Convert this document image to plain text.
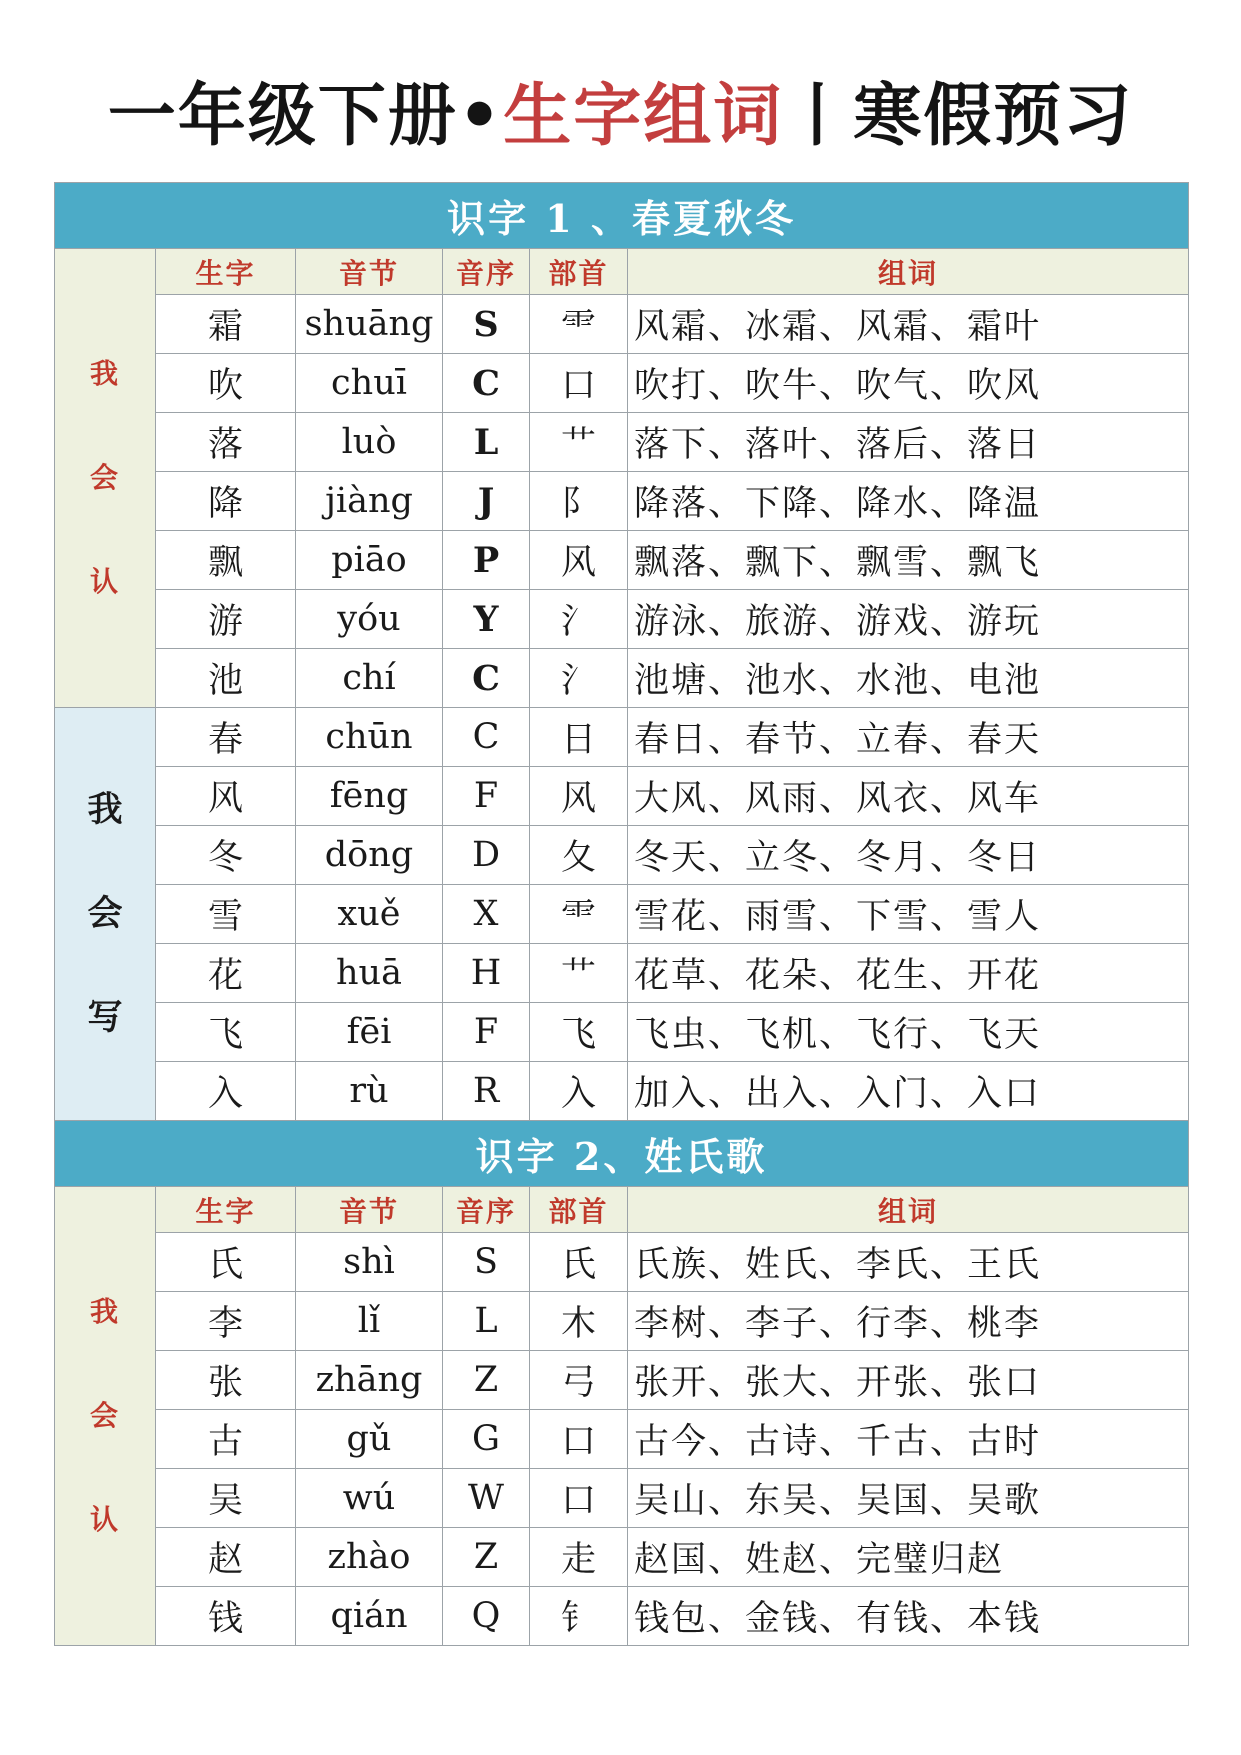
一年级下册•生字组词丨寒假预习
识字 1 、春夏秋冬					

我
会
认	生字	音节	音序	部首	组词
	霜	shuāng	S	⻗	风霜、冰霜、风霜、霜叶
	吹	chuī	C	口	吹打、吹牛、吹气、吹风
	落	luò	L	艹	落下、落叶、落后、落日
	降	jiàng	J	阝	降落、下降、降水、降温
	飘	piāo	P	风	飘落、飘下、飘雪、飘飞
	游	yóu	Y	氵	游泳、旅游、游戏、游玩
	池	chí	C	氵	池塘、池水、水池、电池

我
会
写	春	chūn	C	日	春日、春节、立春、春天
	风	fēng	F	风	大风、风雨、风衣、风车
	冬	dōng	D	夂	冬天、立冬、冬月、冬日
	雪	xuě	X	⻗	雪花、雨雪、下雪、雪人
	花	huā	H	艹	花草、花朵、花生、开花
	飞	fēi	F	飞	飞虫、飞机、飞行、飞天
	入	rù	R	入	加入、出入、入门、入口
识字 2、姓氏歌					

我
会
认	生字	音节	音序	部首	组词
	氏	shì	S	氏	氏族、姓氏、李氏、王氏
	李	lǐ	L	木	李树、李子、行李、桃李
	张	zhāng	Z	弓	张开、张大、开张、张口
	古	gǔ	G	口	古今、古诗、千古、古时
	吴	wú	W	口	吴山、东吴、吴国、吴歌
	赵	zhào	Z	走	赵国、姓赵、完璧归赵
	钱	qián	Q	钅	钱包、金钱、有钱、本钱
